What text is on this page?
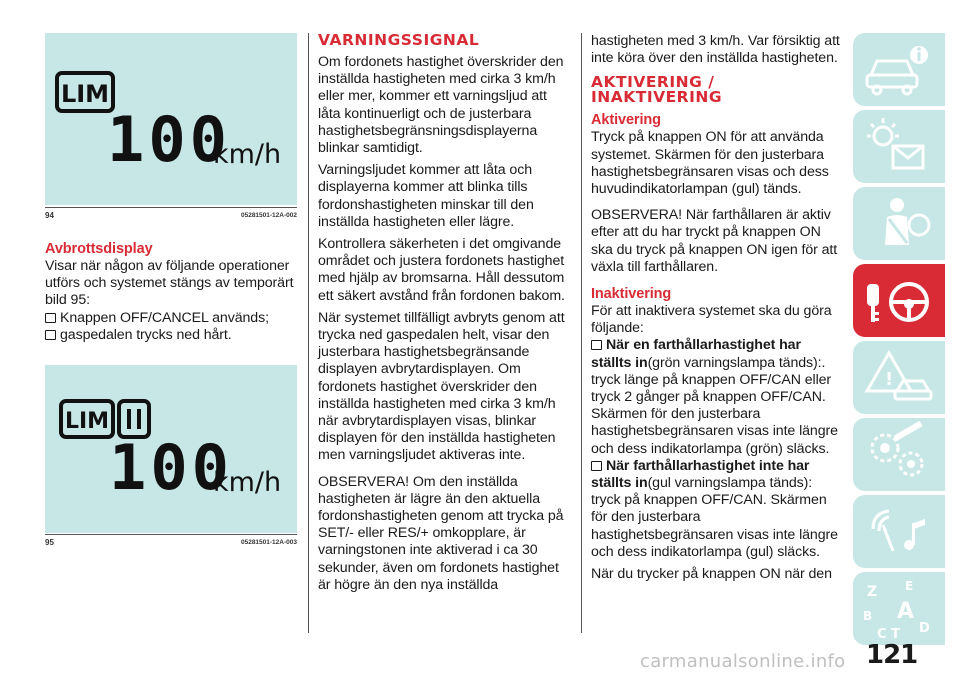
LIM
100
km/h
94	05281501-12A-002
LIM
100
km/h
95	05281501-12A-003
Avbrottsdisplay

Visar när någon av följande operationer utförs och systemet stängs av temporärt bild 95:

Knappen OFF/CANCEL används;
gaspedalen trycks ned hårt.
VARNINGSSIGNAL

Om fordonets hastighet överskrider den inställda hastigheten med cirka 3 km/h eller mer, kommer ett varningsljud att låta kontinuerligt och de justerbara hastighetsbegränsningsdisplayerna blinkar samtidigt.

Varningsljudet kommer att låta och displayerna kommer att blinka tills fordonshastigheten minskar till den inställda hastigheten eller lägre.

Kontrollera säkerheten i det omgivande området och justera fordonets hastighet med hjälp av bromsarna. Håll dessutom ett säkert avstånd från fordonen bakom.

När systemet tillfälligt avbryts genom att trycka ned gaspedalen helt, visar den justerbara hastighetsbegränsande displayen avbrytardisplayen. Om fordonets hastighet överskrider den inställda hastigheten med cirka 3 km/h när avbrytardisplayen visas, blinkar displayen för den inställda hastigheten men varningsljudet aktiveras inte.

OBSERVERA! Om den inställda hastigheten är lägre än den aktuella fordonshastigheten genom att trycka på SET/- eller RES/+ omkopplare, är varningstonen inte aktiverad i ca 30 sekunder, även om fordonets hastighet är högre än den nya inställda

hastigheten med 3 km/h. Var försiktig att inte köra över den inställda hastigheten.

AKTIVERING / INAKTIVERING
Aktivering

Tryck på knappen ON för att använda systemet. Skärmen för den justerbara hastighetsbegränsaren visas och dess huvudindikatorlampan (gul) tänds.

OBSERVERA! När farthållaren är aktiv efter att du har tryckt på knappen ON ska du tryck på knappen ON igen för att växla till farthållaren.

Inaktivering

För att inaktivera systemet ska du göra följande:

När en farthållarhastighet har ställts in(grön varningslampa tänds):. tryck länge på knappen OFF/CAN eller tryck 2 gånger på knappen OFF/CAN. Skärmen för den justerbara hastighetsbegränsaren visas inte längre och dess indikatorlampa (grön) släcks.
När farthållarhastighet inte har ställts in(gul varningslampa tänds): tryck på knappen OFF/CAN. Skärmen för den justerbara hastighetsbegränsaren visas inte längre och dess indikatorlampa (gul) släcks.

När du trycker på knappen ON när den

!
Z E
B A
C T D
121
carmanualsonline.info
